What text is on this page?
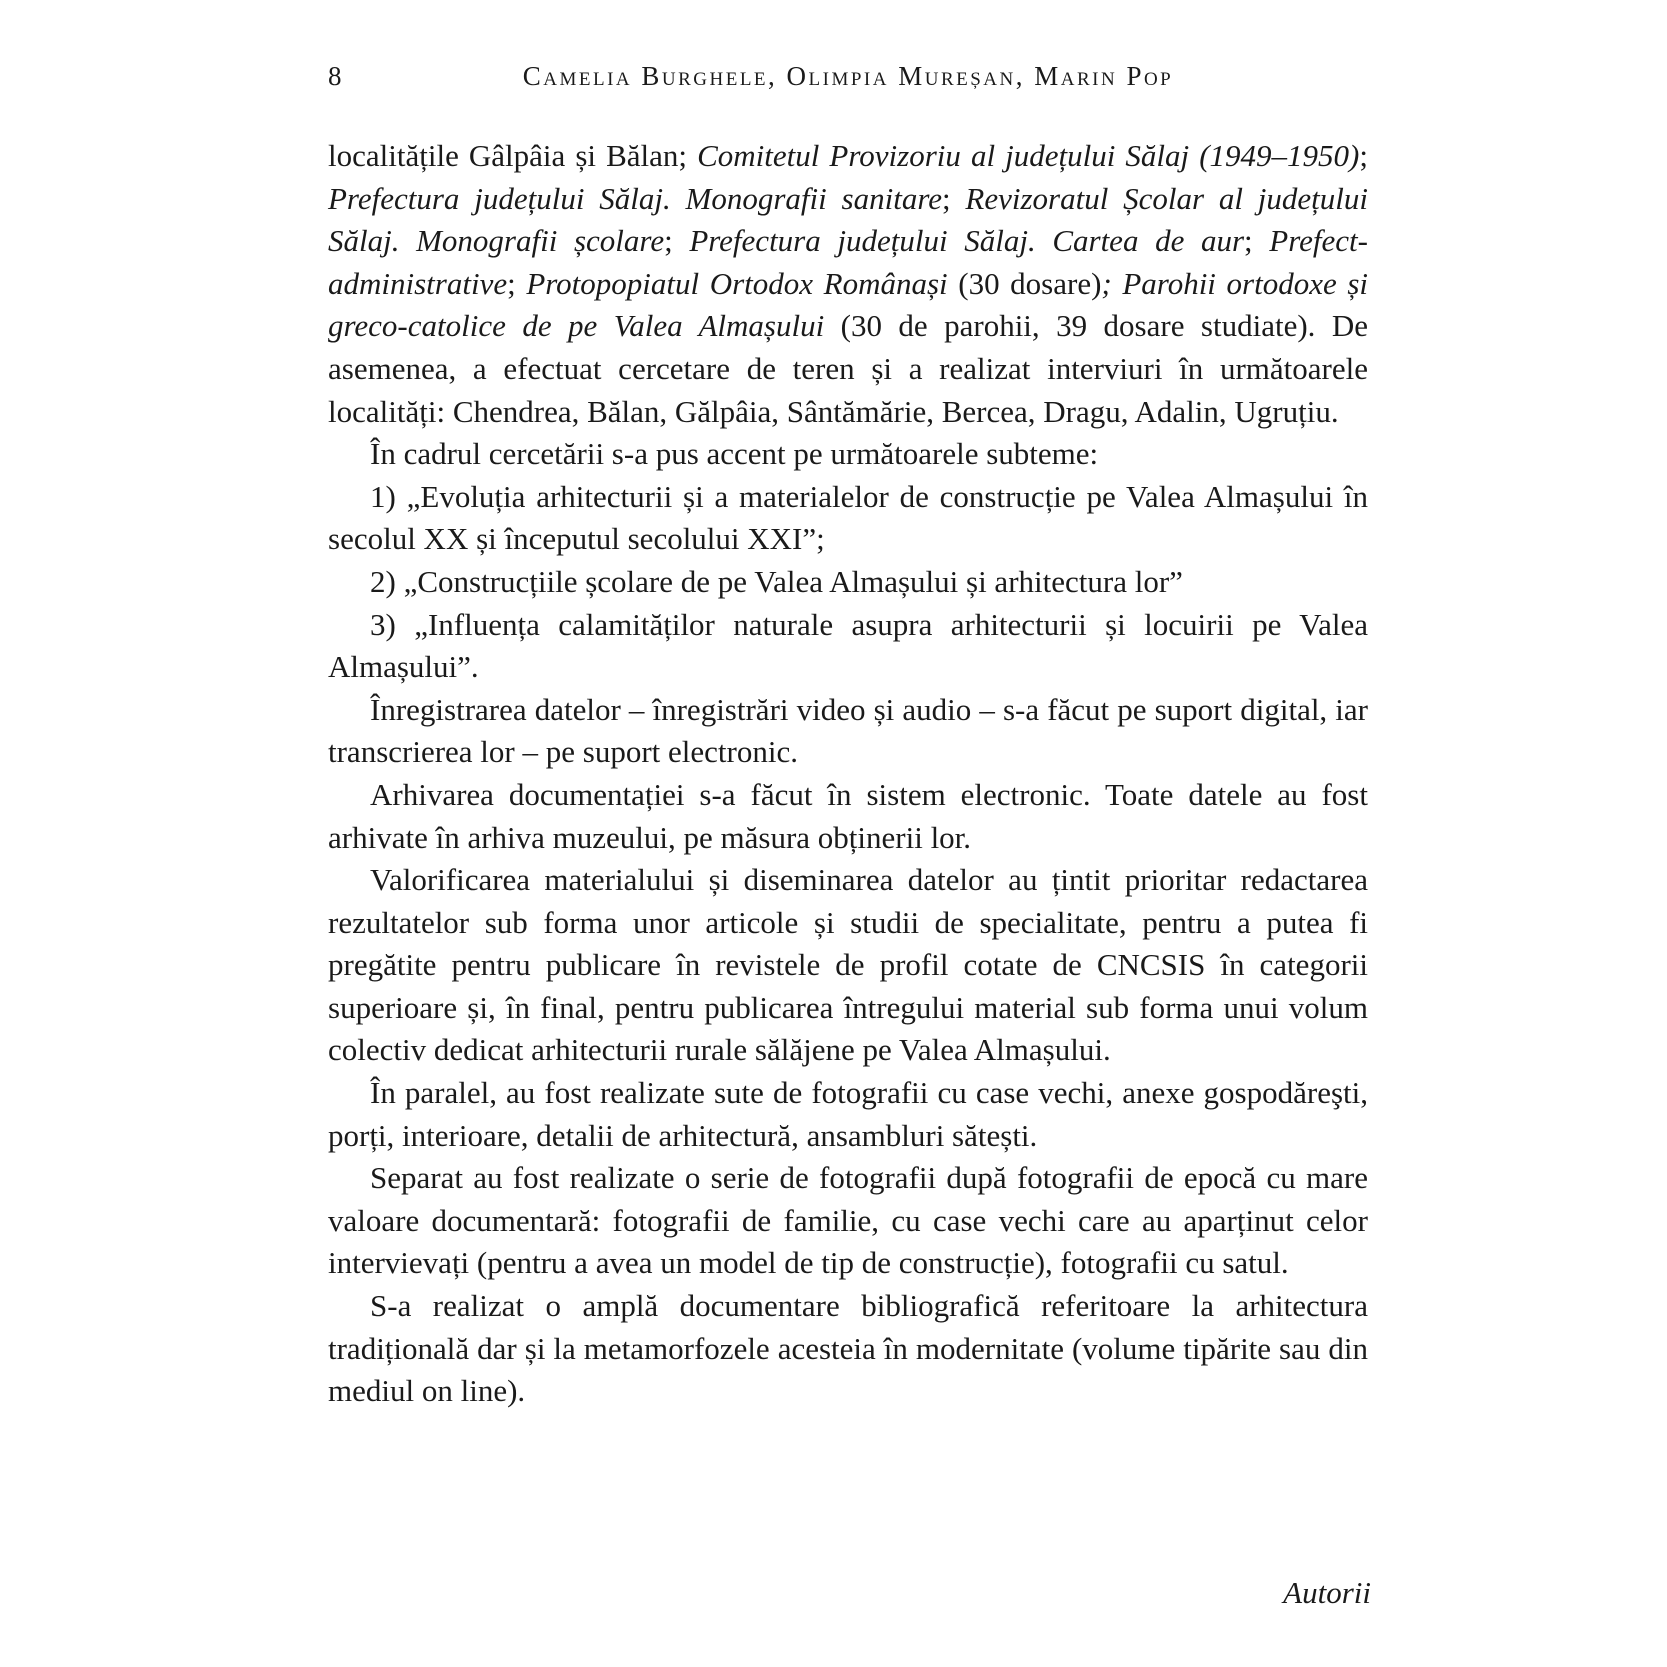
8	Camelia Burghele, Olimpia Mureșan, Marin Pop

localitățile Gâlpâia și Bălan; Comitetul Provizoriu al județului Sălaj (1949–1950); Prefectura județului Sălaj. Monografii sanitare; Revizoratul Școlar al județului Sălaj. Monografii școlare; Prefectura județului Sălaj. Cartea de aur; Prefect-administrative; Protopopiatul Ortodox Românași (30 dosare); Parohii ortodoxe și greco-catolice de pe Valea Almașului (30 de parohii, 39 dosare studiate). De asemenea, a efectuat cercetare de teren și a realizat interviuri în următoarele localități: Chendrea, Bălan, Gălpâia, Sântămărie, Bercea, Dragu, Adalin, Ugruțiu.

În cadrul cercetării s-a pus accent pe următoarele subteme:

1) „Evoluția arhitecturii și a materialelor de construcție pe Valea Almașului în secolul XX și începutul secolului XXI”;

2) „Construcțiile școlare de pe Valea Almașului și arhitectura lor”

3) „Influența calamităților naturale asupra arhitecturii și locuirii pe Valea Almașului”.

Înregistrarea datelor – înregistrări video și audio – s-a făcut pe suport digital, iar transcrierea lor – pe suport electronic.

Arhivarea documentației s-a făcut în sistem electronic. Toate datele au fost arhivate în arhiva muzeului, pe măsura obținerii lor.

Valorificarea materialului și diseminarea datelor au țintit prioritar redactarea rezultatelor sub forma unor articole și studii de specialitate, pentru a putea fi pregătite pentru publicare în revistele de profil cotate de CNCSIS în categorii superioare și, în final, pentru publicarea întregului material sub forma unui volum colectiv dedicat arhitecturii rurale sălăjene pe Valea Almașului.

În paralel, au fost realizate sute de fotografii cu case vechi, anexe gospodăreşti, porți, interioare, detalii de arhitectură, ansambluri sătești.

Separat au fost realizate o serie de fotografii după fotografii de epocă cu mare valoare documentară: fotografii de familie, cu case vechi care au aparținut celor intervievați (pentru a avea un model de tip de construcție), fotografii cu satul.

S-a realizat o amplă documentare bibliografică referitoare la arhitectura tradițională dar și la metamorfozele acesteia în modernitate (volume tipărite sau din mediul on line).

Autorii
